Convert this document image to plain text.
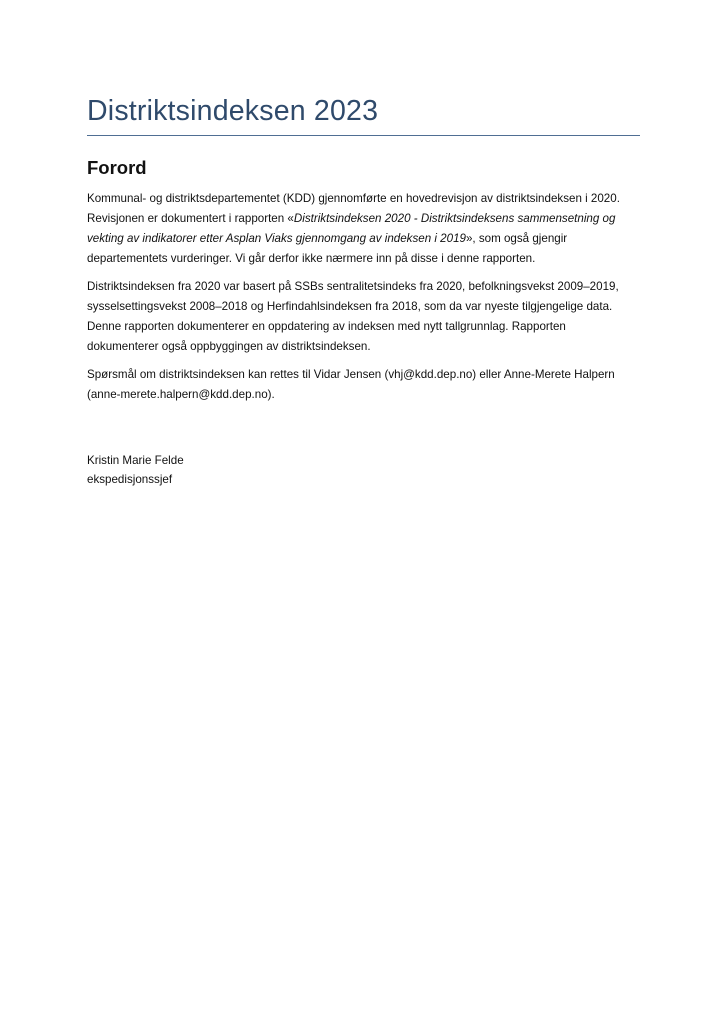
Distriktsindeksen 2023
Forord

Kommunal- og distriktsdepartementet (KDD) gjennomførte en hovedrevisjon av distriktsindeksen i 2020. Revisjonen er dokumentert i rapporten «Distriktsindeksen 2020 - Distriktsindeksens sammensetning og vekting av indikatorer etter Asplan Viaks gjennomgang av indeksen i 2019», som også gjengir departementets vurderinger. Vi går derfor ikke nærmere inn på disse i denne rapporten.

Distriktsindeksen fra 2020 var basert på SSBs sentralitetsindeks fra 2020, befolkningsvekst 2009–2019, sysselsettingsvekst 2008–2018 og Herfindahlsindeksen fra 2018, som da var nyeste tilgjengelige data. Denne rapporten dokumenterer en oppdatering av indeksen med nytt tallgrunnlag. Rapporten dokumenterer også oppbyggingen av distriktsindeksen.

Spørsmål om distriktsindeksen kan rettes til Vidar Jensen (vhj@kdd.dep.no) eller Anne-Merete Halpern (anne-merete.halpern@kdd.dep.no).

Kristin Marie Felde
ekspedisjonssjef
